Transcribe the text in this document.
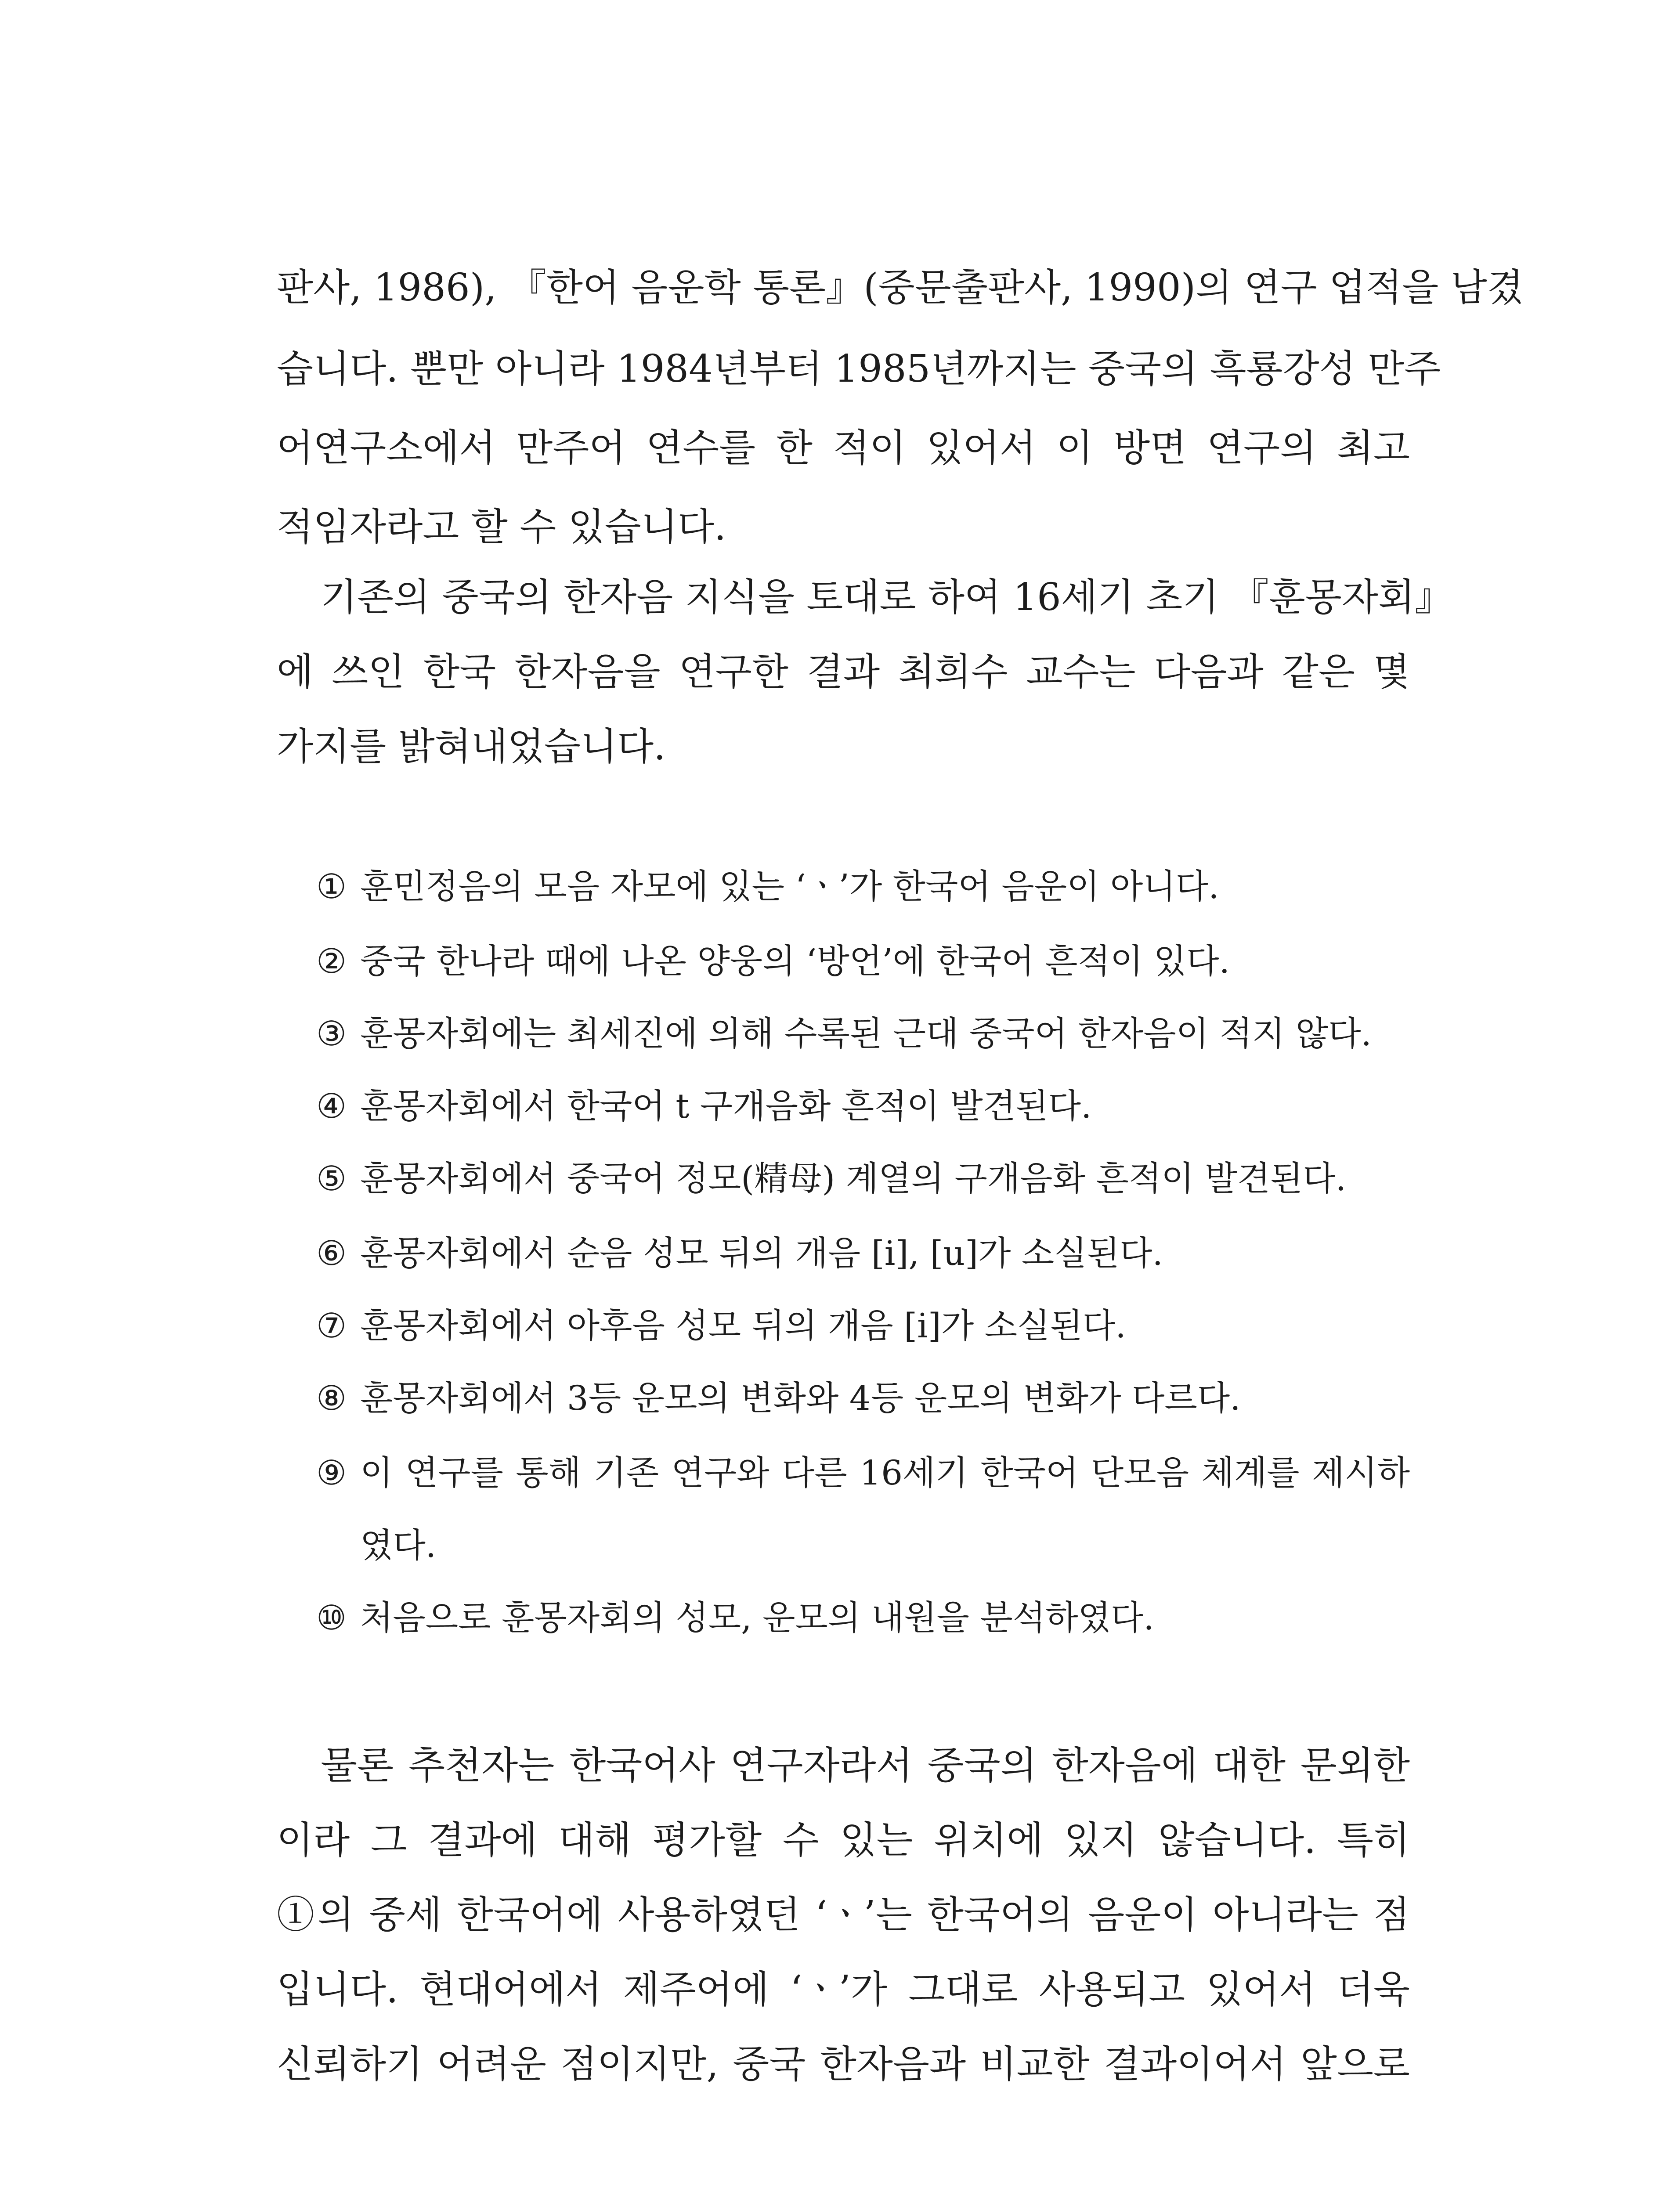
판사, 1986), 『한어 음운학 통론』(중문출판사, 1990)의 연구 업적을 남겼
습니다. 뿐만 아니라 1984년부터 1985년까지는 중국의 흑룡강성 만주
어연구소에서 만주어 연수를 한 적이 있어서 이 방면 연구의 최고
적임자라고 할 수 있습니다.
기존의 중국의 한자음 지식을 토대로 하여 16세기 초기 『훈몽자회』
에 쓰인 한국 한자음을 연구한 결과 최희수 교수는 다음과 같은 몇
가지를 밝혀내었습니다.
① 훈민정음의 모음 자모에 있는 ‘ㆍ’가 한국어 음운이 아니다.
② 중국 한나라 때에 나온 양웅의 ‘방언’에 한국어 흔적이 있다.
③ 훈몽자회에는 최세진에 의해 수록된 근대 중국어 한자음이 적지 않다.
④ 훈몽자회에서 한국어 t 구개음화 흔적이 발견된다.
⑤ 훈몽자회에서 중국어 정모(精母) 계열의 구개음화 흔적이 발견된다.
⑥ 훈몽자회에서 순음 성모 뒤의 개음 [i], [u]가 소실된다.
⑦ 훈몽자회에서 아후음 성모 뒤의 개음 [i]가 소실된다.
⑧ 훈몽자회에서 3등 운모의 변화와 4등 운모의 변화가 다르다.
⑨ 이 연구를 통해 기존 연구와 다른 16세기 한국어 단모음 체계를 제시하
였다.
⑩ 처음으로 훈몽자회의 성모, 운모의 내원을 분석하였다.
물론 추천자는 한국어사 연구자라서 중국의 한자음에 대한 문외한
이라 그 결과에 대해 평가할 수 있는 위치에 있지 않습니다. 특히
①의 중세 한국어에 사용하였던 ‘ㆍ’는 한국어의 음운이 아니라는 점
입니다. 현대어에서 제주어에 ‘ㆍ’가 그대로 사용되고 있어서 더욱
신뢰하기 어려운 점이지만, 중국 한자음과 비교한 결과이어서 앞으로
